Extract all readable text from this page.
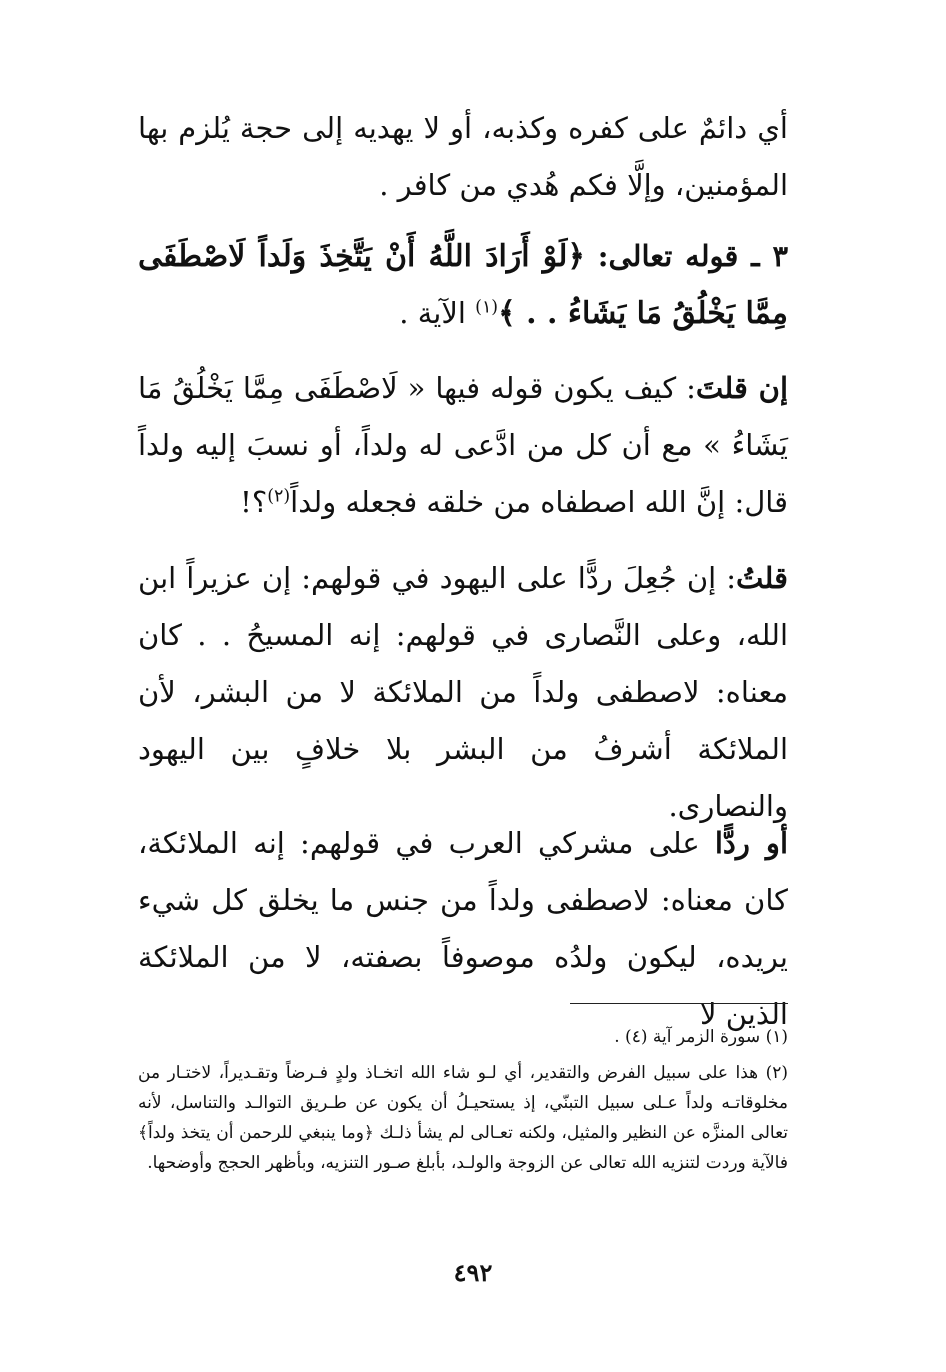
أي دائمٌ على كفره وكذبه، أو لا يهديه إلى حجة يُلزم بها المؤمنين، وإلَّا فكم هُدي من كافر .
٣ ـ قوله تعالى: ﴿لَوْ أَرَادَ اللَّهُ أَنْ يَتَّخِذَ وَلَداً لَاصْطَفَى مِمَّا يَخْلُقُ مَا يَشَاءُ . . ﴾$^{(١)}$ الآية .
إن قلتَ: كيف يكون قوله فيها « لَاصْطَفَى مِمَّا يَخْلُقُ مَا يَشَاءُ » مع أن كل من ادَّعى له ولداً، أو نسبَ إليه ولداً قال: إنَّ الله اصطفاه من خلقه فجعله ولداً$^{(٢)}$؟!
قلتُ: إن جُعِلَ ردًّا على اليهود في قولهم: إن عزيراً ابن الله، وعلى النَّصارى في قولهم: إنه المسيحُ . . كان معناه: لاصطفى ولداً من الملائكة لا من البشر، لأن الملائكة أشرفُ من البشر بلا خلافٍ بين اليهود والنصارى.
أو ردًّا على مشركي العرب في قولهم: إنه الملائكة، كان معناه: لاصطفى ولداً من جنس ما يخلق كل شيء يريده، ليكون ولدُه موصوفاً بصفته، لا من الملائكة الذين لا
(١) سورة الزمر آية (٤) .
(٢) هذا على سبيل الفرض والتقدير، أي لـو شاء الله اتخـاذ ولدٍ فـرضاً وتقـديراً، لاختـار من مخلوقاتـه ولداً عـلى سبيل التبنّي، إذ يستحيـلُ أن يكون عن طـريق التوالـد والتناسل، لأنه تعالى المنزَّه عن النظير والمثيل، ولكنه تعـالى لم يشأ ذلـك ﴿وما ينبغي للرحمن أن يتخذ ولداً﴾ فالآية وردت لتنزيه الله تعالى عن الزوجة والولـد، بأبلغ صـور التنزيه، وبأظهر الحجج وأوضحها.
٤٩٢
